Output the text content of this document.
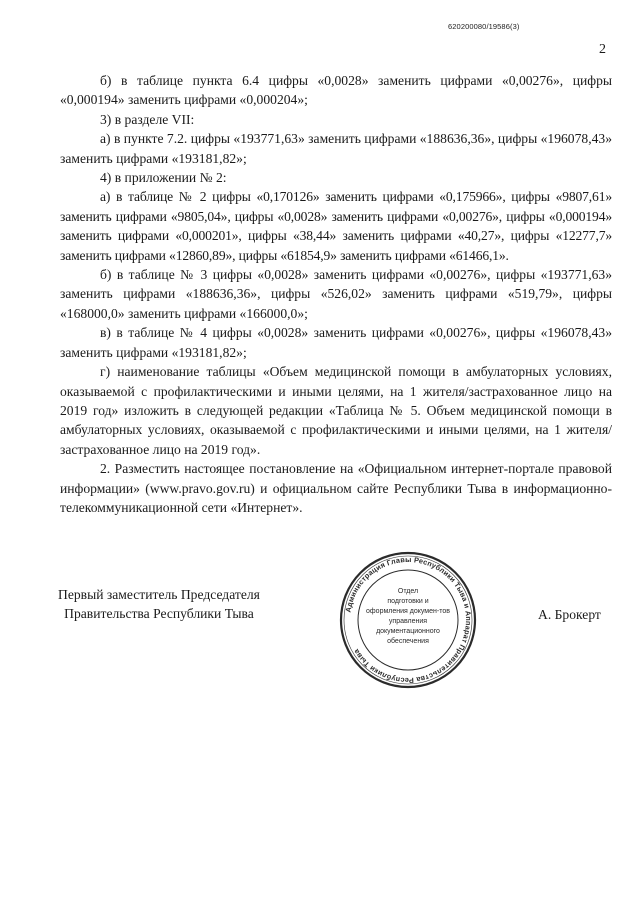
620200080/19586(3)
2

б) в таблице пункта 6.4 цифры «0,0028» заменить цифрами «0,00276», цифры «0,000194» заменить цифрами «0,000204»;

3) в разделе VII:

а) в пункте 7.2. цифры «193771,63» заменить цифрами «188636,36», цифры «196078,43» заменить цифрами «193181,82»;

4) в приложении № 2:

а) в таблице № 2 цифры «0,170126» заменить цифрами «0,175966», цифры «9807,61» заменить цифрами «9805,04», цифры «0,0028» заменить цифрами «0,00276», цифры «0,000194» заменить цифрами «0,000201», цифры «38,44» заменить цифрами «40,27», цифры «12277,7» заменить цифрами «12860,89», цифры «61854,9» заменить цифрами «61466,1».

б) в таблице № 3 цифры «0,0028» заменить цифрами «0,00276», цифры «193771,63» заменить цифрами «188636,36», цифры «526,02» заменить цифрами «519,79», цифры «168000,0» заменить цифрами «166000,0»;

в) в таблице № 4 цифры «0,0028» заменить цифрами «0,00276», цифры «196078,43» заменить цифрами «193181,82»;

г) наименование таблицы «Объем медицинской помощи в амбулаторных условиях, оказываемой с профилактическими и иными целями, на 1 жителя/застрахованное лицо на 2019 год» изложить в следующей редакции «Таблица № 5. Объем медицинской помощи в амбулаторных условиях, оказываемой с профилактическими и иными целями, на 1 жителя/застрахованное лицо на 2019 год».

2. Разместить настоящее постановление на «Официальном интернет-портале правовой информации» (www.pravo.gov.ru) и официальном сайте Республики Тыва в информационно-телекоммуникационной сети «Интернет».

Первый заместитель Председателя
Правительства Республики Тыва	А. Брокерт
Администрация Главы Республики Тыва и Аппарат Правительства Республики Тыва
Отдел
подготовки и
оформления докумен-тов
управления
документационного
обеспечения
